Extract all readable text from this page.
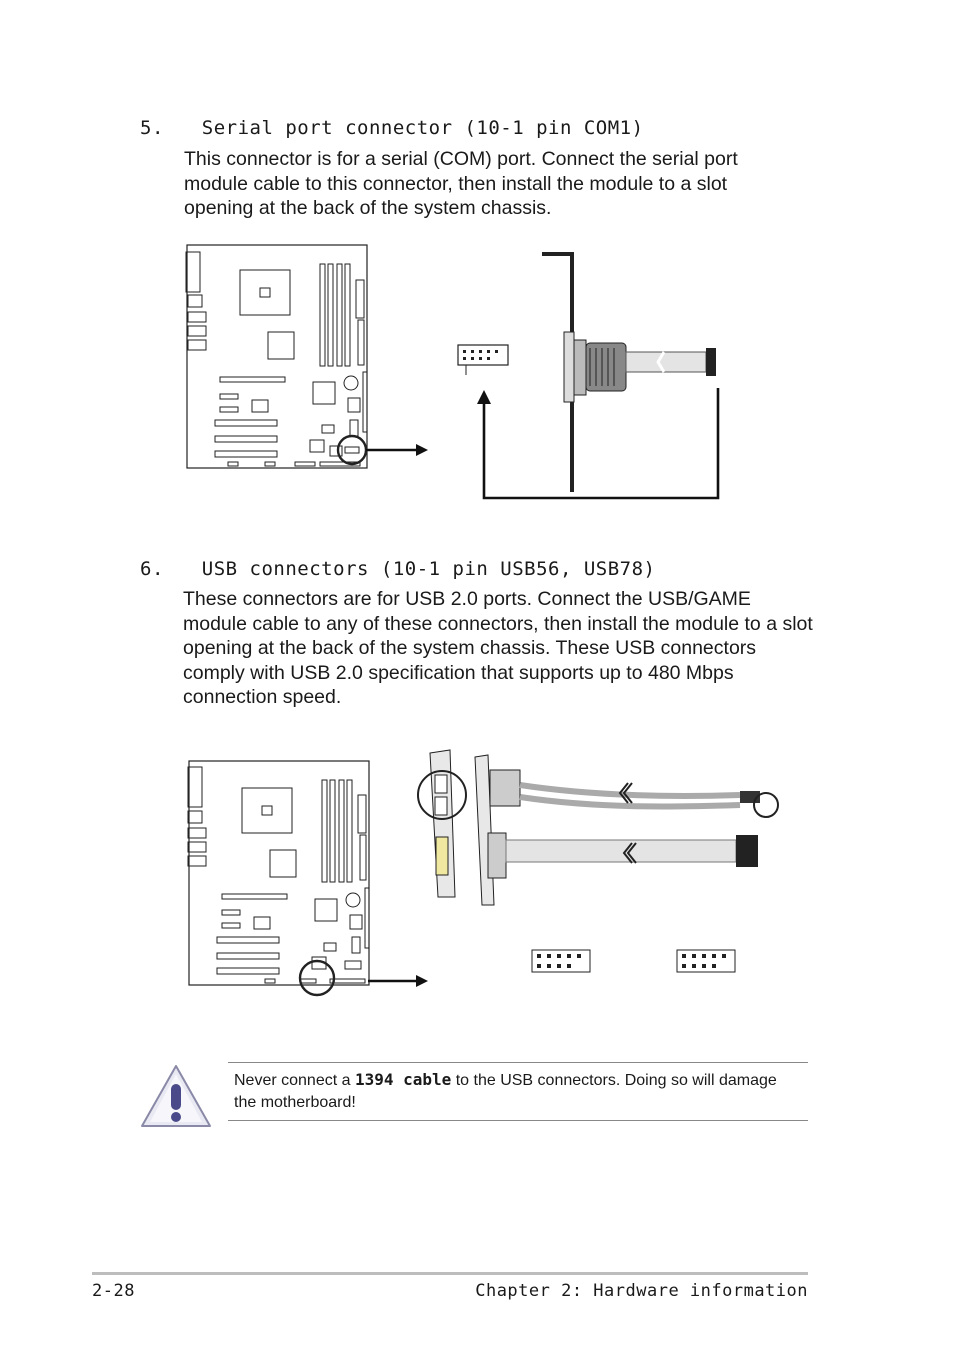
5. Serial port connector (10-1 pin COM1)
This connector is for a serial (COM) port. Connect the serial port module cable to this connector, then install the module to a slot opening at the back of the system chassis.
6. USB connectors (10-1 pin USB56, USB78)
These connectors are for USB 2.0 ports. Connect the USB/GAME module cable to any of these connectors, then install the module to a slot opening at the back of the system chassis. These USB connectors comply with USB 2.0 specification that supports up to 480 Mbps connection speed.
Never connect a 1394 cable to the USB connectors. Doing so will damage the motherboard!
2-28	Chapter 2: Hardware information
